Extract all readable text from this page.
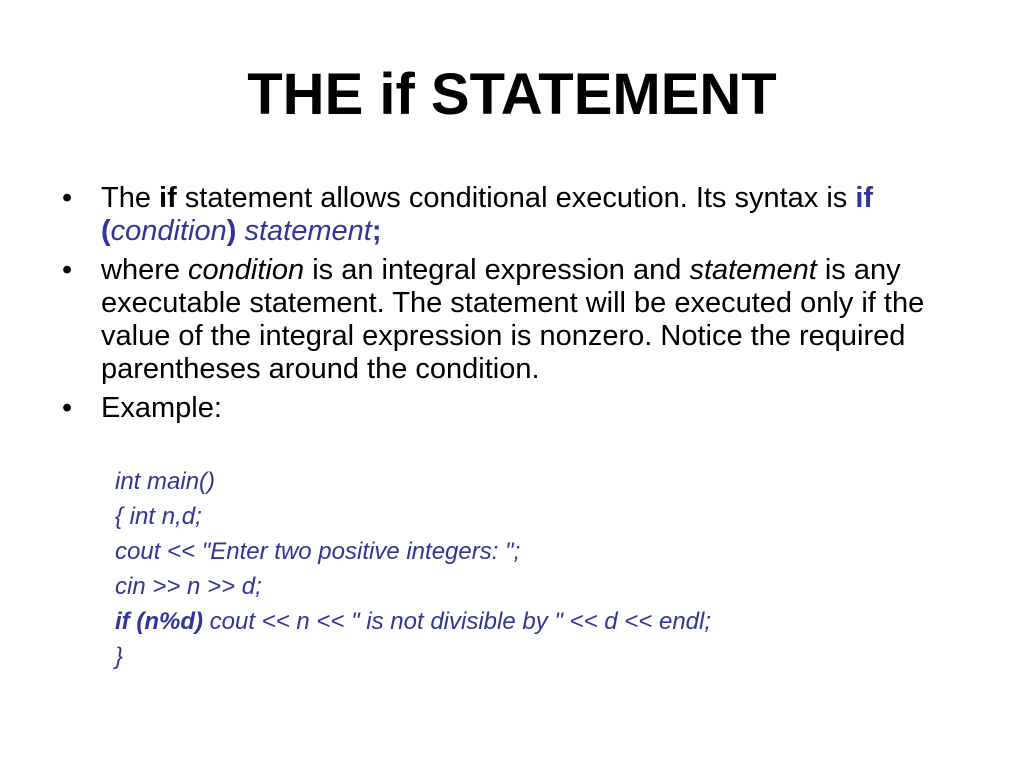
THE if STATEMENT
• The if statement allows conditional execution. Its syntax is if (condition) statement;
• where condition is an integral expression and statement is any executable statement. The statement will be executed only if the value of the integral expression is nonzero. Notice the required parentheses around the condition.
• Example:
int main()
{ int n,d;
cout << "Enter two positive integers: ";
cin >> n >> d;
if (n%d) cout << n << " is not divisible by " << d << endl;
}
